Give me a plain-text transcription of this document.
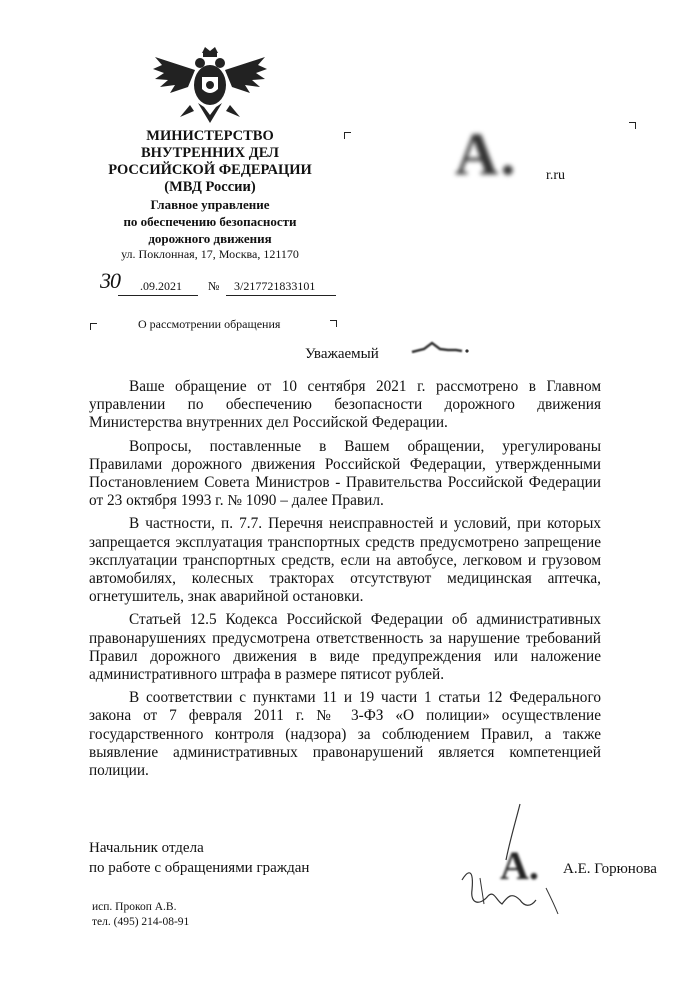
МИНИСТЕРСТВО
ВНУТРЕННИХ ДЕЛ
РОССИЙСКОЙ ФЕДЕРАЦИИ
(МВД России)
Главное управление
по обеспечению безопасности
дорожного движения
ул. Поклонная, 17, Москва, 121170
30 .09.2021 № 3/217721833101
О рассмотрении обращения
А. r.ru
Уважаемый

Ваше обращение от 10 сентября 2021 г. рассмотрено в Главном управлении по обеспечению безопасности дорожного движения Министерства внутренних дел Российской Федерации.

Вопросы, поставленные в Вашем обращении, урегулированы Правилами дорожного движения Российской Федерации, утвержденными Постановлением Совета Министров - Правительства Российской Федерации от 23 октября 1993 г. № 1090 – далее Правил.

В частности, п. 7.7. Перечня неисправностей и условий, при которых запрещается эксплуатация транспортных средств предусмотрено запрещение эксплуатации транспортных средств, если на автобусе, легковом и грузовом автомобилях, колесных тракторах отсутствуют медицинская аптечка, огнетушитель, знак аварийной остановки.

Статьей 12.5 Кодекса Российской Федерации об административных правонарушениях предусмотрена ответственность за нарушение требований Правил дорожного движения в виде предупреждения или наложение административного штрафа в размере пятисот рублей.

В соответствии с пунктами 11 и 19 части 1 статьи 12 Федерального закона от 7 февраля 2011 г. № 3-ФЗ «О полиции» осуществление государственного контроля (надзора) за соблюдением Правил, а также выявление административных правонарушений является компетенцией полиции.

Начальник отдела
по работе с обращениями граждан	А. А.Е. Горюнова
исп. Прокоп А.В.
тел. (495) 214-08-91
